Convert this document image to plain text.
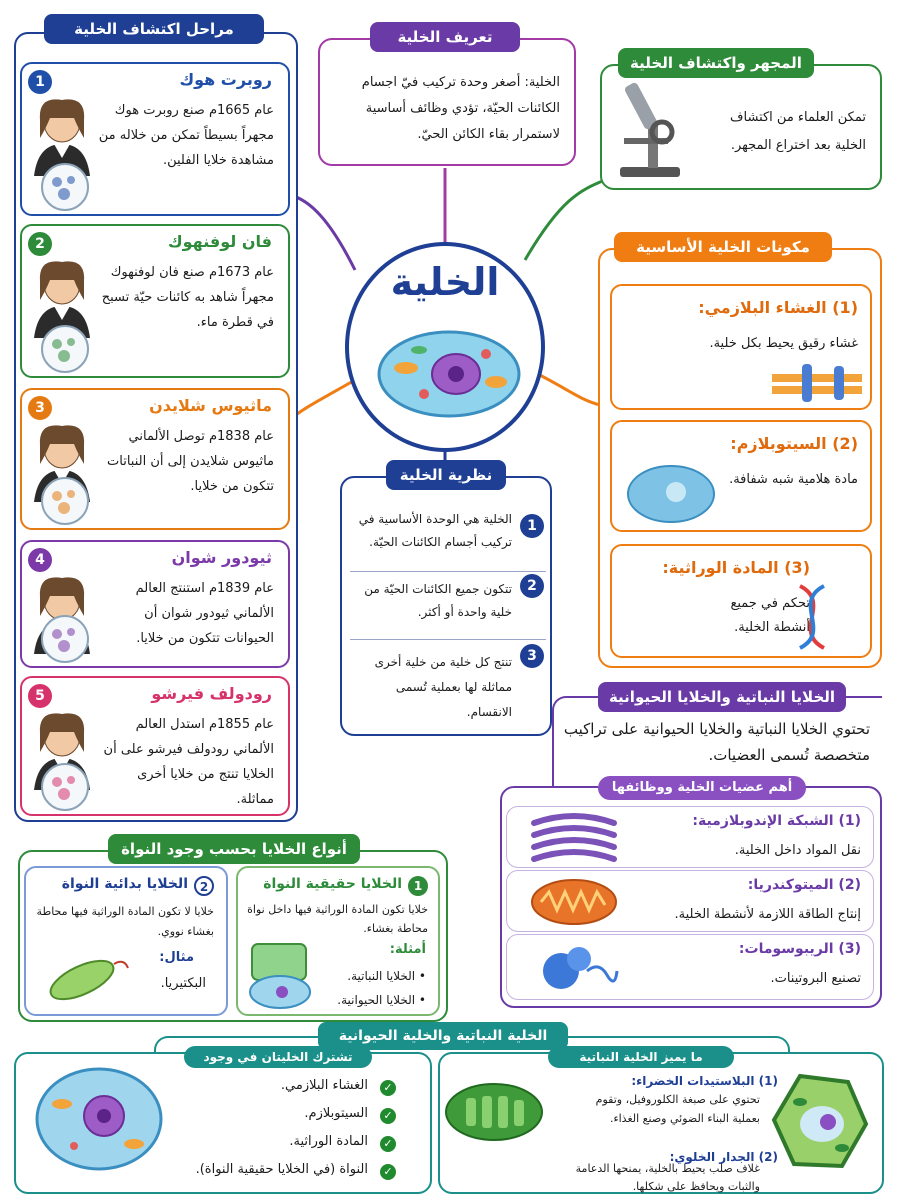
الخلية
الخلية: أصغر وحدة تركيب فيّ اجسام الكائنات الحيّة، تؤدي وظائف أساسية لاستمرار بقاء الكائن الحيّ.
تعريف الخلية
تمكن العلماء من اكتشاف الخلية بعد اختراع المجهر.
المجهر واكتشاف الخلية
مراحل اكتشاف الخلية
1	روبرت هوك
عام 1665م صنع روبرت هوك مجهراً بسيطاً تمكن من خلاله من مشاهدة خلايا الفلين.
2	فان لوفنهوك
عام 1673م صنع فان لوفنهوك مجهراً شاهد به كائنات حيّة تسبح في قطرة ماء.
3	ماثيوس شلايدن
عام 1838م توصل الألماني ماثيوس شلايدن إلى أن النباتات تتكون من خلايا.
4	ثيودور شوان
عام 1839م استنتج العالم الألماني ثيودور شوان أن الحيوانات تتكون من خلايا.
5	رودولف فيرشو
عام 1855م استدل العالم الألماني رودولف فيرشو على أن الخلايا تنتج من خلايا أخرى مماثلة.
مكونات الخلية الأساسية
(1) الغشاء البلازمي:
غشاء رقيق يحيط بكل خلية.
(2) السيتوبلازم:
مادة هلامية شبه شفافة.
(3) المادة الوراثية:
تحكم في جميع أنشطة الخلية.
نظرية الخلية
1
الخلية هي الوحدة الأساسية في تركيب أجسام الكائنات الحيّة.
2
تتكون جميع الكائنات الحيّة من خلية واحدة أو أكثر.
3
تنتج كل خلية من خلية أخرى مماثلة لها بعملية تُسمى الانقسام.
الخلايا النباتية والخلايا الحيوانية
تحتوي الخلايا النباتية والخلايا الحيوانية على تراكيب متخصصة تُسمى العضيات.
أهم عضيات الخلية ووظائفها
(1) الشبكة الإندوبلازمية:
نقل المواد داخل الخلية.
(2) الميتوكندريا:
إنتاج الطاقة اللازمة لأنشطة الخلية.
(3) الريبوسومات:
تصنيع البروتينات.
أنواع الخلايا بحسب وجود النواة
1
الخلايا حقيقية النواة
خلايا تكون المادة الوراثية فيها داخل نواة محاطة بغشاء.
أمثلة:
• الخلايا النباتية.
• الخلايا الحيوانية.
2
الخلايا بدائية النواة
خلايا لا تكون المادة الوراثية فيها محاطة بغشاء نووي.
مثال:
البكتيريا.
الخلية النباتية والخلية الحيوانية
ما يميز الخلية النباتية
(1) البلاستيدات الخضراء:
تحتوي على صبغة الكلوروفيل، وتقوم بعملية البناء الضوئي وصنع الغذاء.
(2) الجدار الخلوي:
غلاف صلب يحيط بالخلية، يمنحها الدعامة والثبات ويحافظ على شكلها.
تشترك الخليتان في وجود
✓
الغشاء البلازمي.
✓
السيتوبلازم.
✓
المادة الوراثية.
✓
النواة (في الخلايا حقيقية النواة).
